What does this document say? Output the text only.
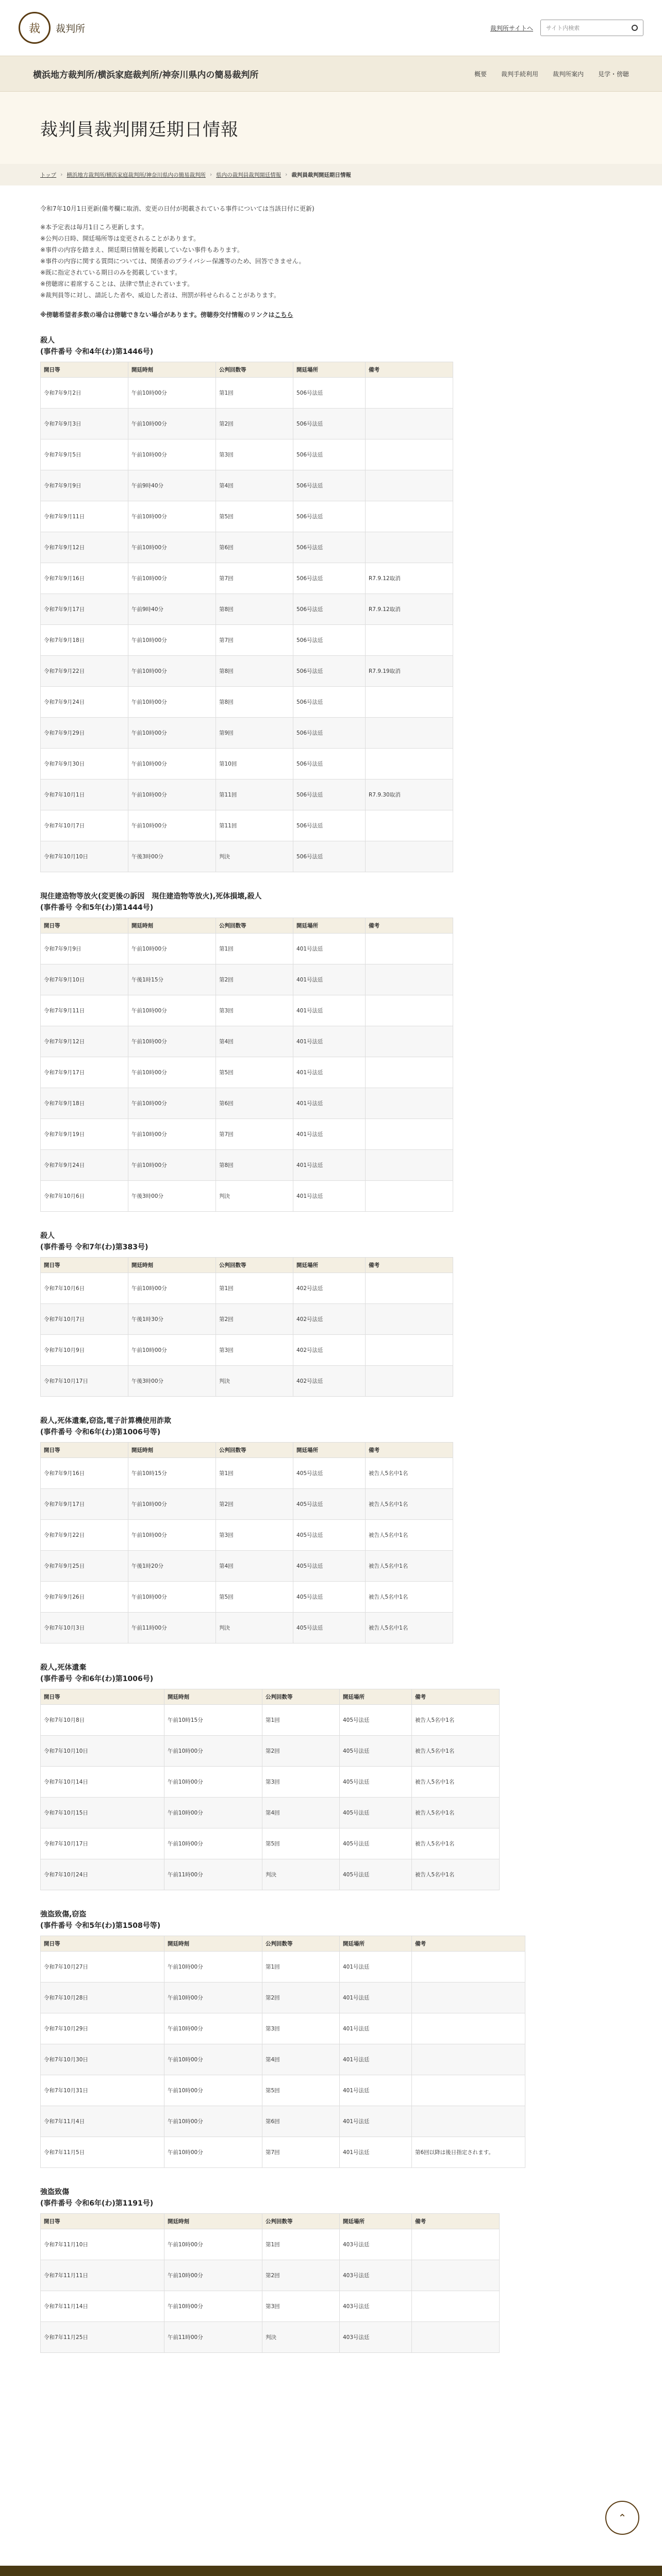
裁	裁判所	裁判所サイトへ サイト内検索
横浜地方裁判所/横浜家庭裁判所/神奈川県内の簡易裁判所	概要 裁判手続利用 裁判所案内 見学・傍聴
裁判員裁判開廷期日情報
トップ › 横浜地方裁判所/横浜家庭裁判所/神奈川県内の簡易裁判所 › 県内の裁判員裁判開廷情報 › 裁判員裁判開廷期日情報

令和7年10月1日更新(備考欄に取消、変更の日付が掲載されている事件については当該日付に更新)

※本予定表は毎月1日ころ更新します。
※公判の日時、開廷場所等は変更されることがあります。
※事件の内容を踏まえ、開廷期日情報を掲載していない事件もあります。
※事件の内容に関する質問については、関係者のプライバシー保護等のため、回答できません。
※既に指定されている期日のみを掲載しています。
※傍聴席に着席することは、法律で禁止されています。
※裁判員等に対し、請託した者や、威迫した者は、刑罰が科せられることがあります。
※傍聴希望者多数の場合は傍聴できない場合があります。傍聴券交付情報のリンクはこちら
殺人
(事件番号 令和4年(わ)第1446号)
開日等	開廷時刻	公判回数等	開廷場所	備考
令和7年9月2日	午前10時00分	第1回	506号法廷	
令和7年9月3日	午前10時00分	第2回	506号法廷	
令和7年9月5日	午前10時00分	第3回	506号法廷	
令和7年9月9日	午前9時40分	第4回	506号法廷	
令和7年9月11日	午前10時00分	第5回	506号法廷	
令和7年9月12日	午前10時00分	第6回	506号法廷	
令和7年9月16日	午前10時00分	第7回	506号法廷	R7.9.12取消
令和7年9月17日	午前9時40分	第8回	506号法廷	R7.9.12取消
令和7年9月18日	午前10時00分	第7回	506号法廷	
令和7年9月22日	午前10時00分	第8回	506号法廷	R7.9.19取消
令和7年9月24日	午前10時00分	第8回	506号法廷	
令和7年9月29日	午前10時00分	第9回	506号法廷	
令和7年9月30日	午前10時00分	第10回	506号法廷	
令和7年10月1日	午前10時00分	第11回	506号法廷	R7.9.30取消
令和7年10月7日	午前10時00分	第11回	506号法廷	
令和7年10月10日	午後3時00分	判決	506号法廷	
現住建造物等放火(変更後の訴因　現住建造物等放火),死体損壊,殺人
(事件番号 令和5年(わ)第1444号)
開日等	開廷時刻	公判回数等	開廷場所	備考
令和7年9月9日	午前10時00分	第1回	401号法廷	
令和7年9月10日	午後1時15分	第2回	401号法廷	
令和7年9月11日	午前10時00分	第3回	401号法廷	
令和7年9月12日	午前10時00分	第4回	401号法廷	
令和7年9月17日	午前10時00分	第5回	401号法廷	
令和7年9月18日	午前10時00分	第6回	401号法廷	
令和7年9月19日	午前10時00分	第7回	401号法廷	
令和7年9月24日	午前10時00分	第8回	401号法廷	
令和7年10月6日	午後3時00分	判決	401号法廷	
殺人
(事件番号 令和7年(わ)第383号)
開日等	開廷時刻	公判回数等	開廷場所	備考
令和7年10月6日	午前10時00分	第1回	402号法廷	
令和7年10月7日	午後1時30分	第2回	402号法廷	
令和7年10月9日	午前10時00分	第3回	402号法廷	
令和7年10月17日	午後3時00分	判決	402号法廷	
殺人,死体遺棄,窃盗,電子計算機使用詐欺
(事件番号 令和6年(わ)第1006号等)
開日等	開廷時刻	公判回数等	開廷場所	備考
令和7年9月16日	午前10時15分	第1回	405号法廷	被告人5名中1名
令和7年9月17日	午前10時00分	第2回	405号法廷	被告人5名中1名
令和7年9月22日	午前10時00分	第3回	405号法廷	被告人5名中1名
令和7年9月25日	午後1時20分	第4回	405号法廷	被告人5名中1名
令和7年9月26日	午前10時00分	第5回	405号法廷	被告人5名中1名
令和7年10月3日	午前11時00分	判決	405号法廷	被告人5名中1名
殺人,死体遺棄
(事件番号 令和6年(わ)第1006号)
開日等	開廷時刻	公判回数等	開廷場所	備考
令和7年10月8日	午前10時15分	第1回	405号法廷	被告人5名中1名
令和7年10月10日	午前10時00分	第2回	405号法廷	被告人5名中1名
令和7年10月14日	午前10時00分	第3回	405号法廷	被告人5名中1名
令和7年10月15日	午前10時00分	第4回	405号法廷	被告人5名中1名
令和7年10月17日	午前10時00分	第5回	405号法廷	被告人5名中1名
令和7年10月24日	午前11時00分	判決	405号法廷	被告人5名中1名
強盗致傷,窃盗
(事件番号 令和5年(わ)第1508号等)
開日等	開廷時刻	公判回数等	開廷場所	備考
令和7年10月27日	午前10時00分	第1回	401号法廷	
令和7年10月28日	午前10時00分	第2回	401号法廷	
令和7年10月29日	午前10時00分	第3回	401号法廷	
令和7年10月30日	午前10時00分	第4回	401号法廷	
令和7年10月31日	午前10時00分	第5回	401号法廷	
令和7年11月4日	午前10時00分	第6回	401号法廷	
令和7年11月5日	午前10時00分	第7回	401号法廷	第6回以降は後日指定されます。
強盗致傷
(事件番号 令和6年(わ)第1191号)
開日等	開廷時刻	公判回数等	開廷場所	備考
令和7年11月10日	午前10時00分	第1回	403号法廷	
令和7年11月11日	午前10時00分	第2回	403号法廷	
令和7年11月14日	午前10時00分	第3回	403号法廷	
令和7年11月25日	午前11時00分	判決	403号法廷	
⌃
